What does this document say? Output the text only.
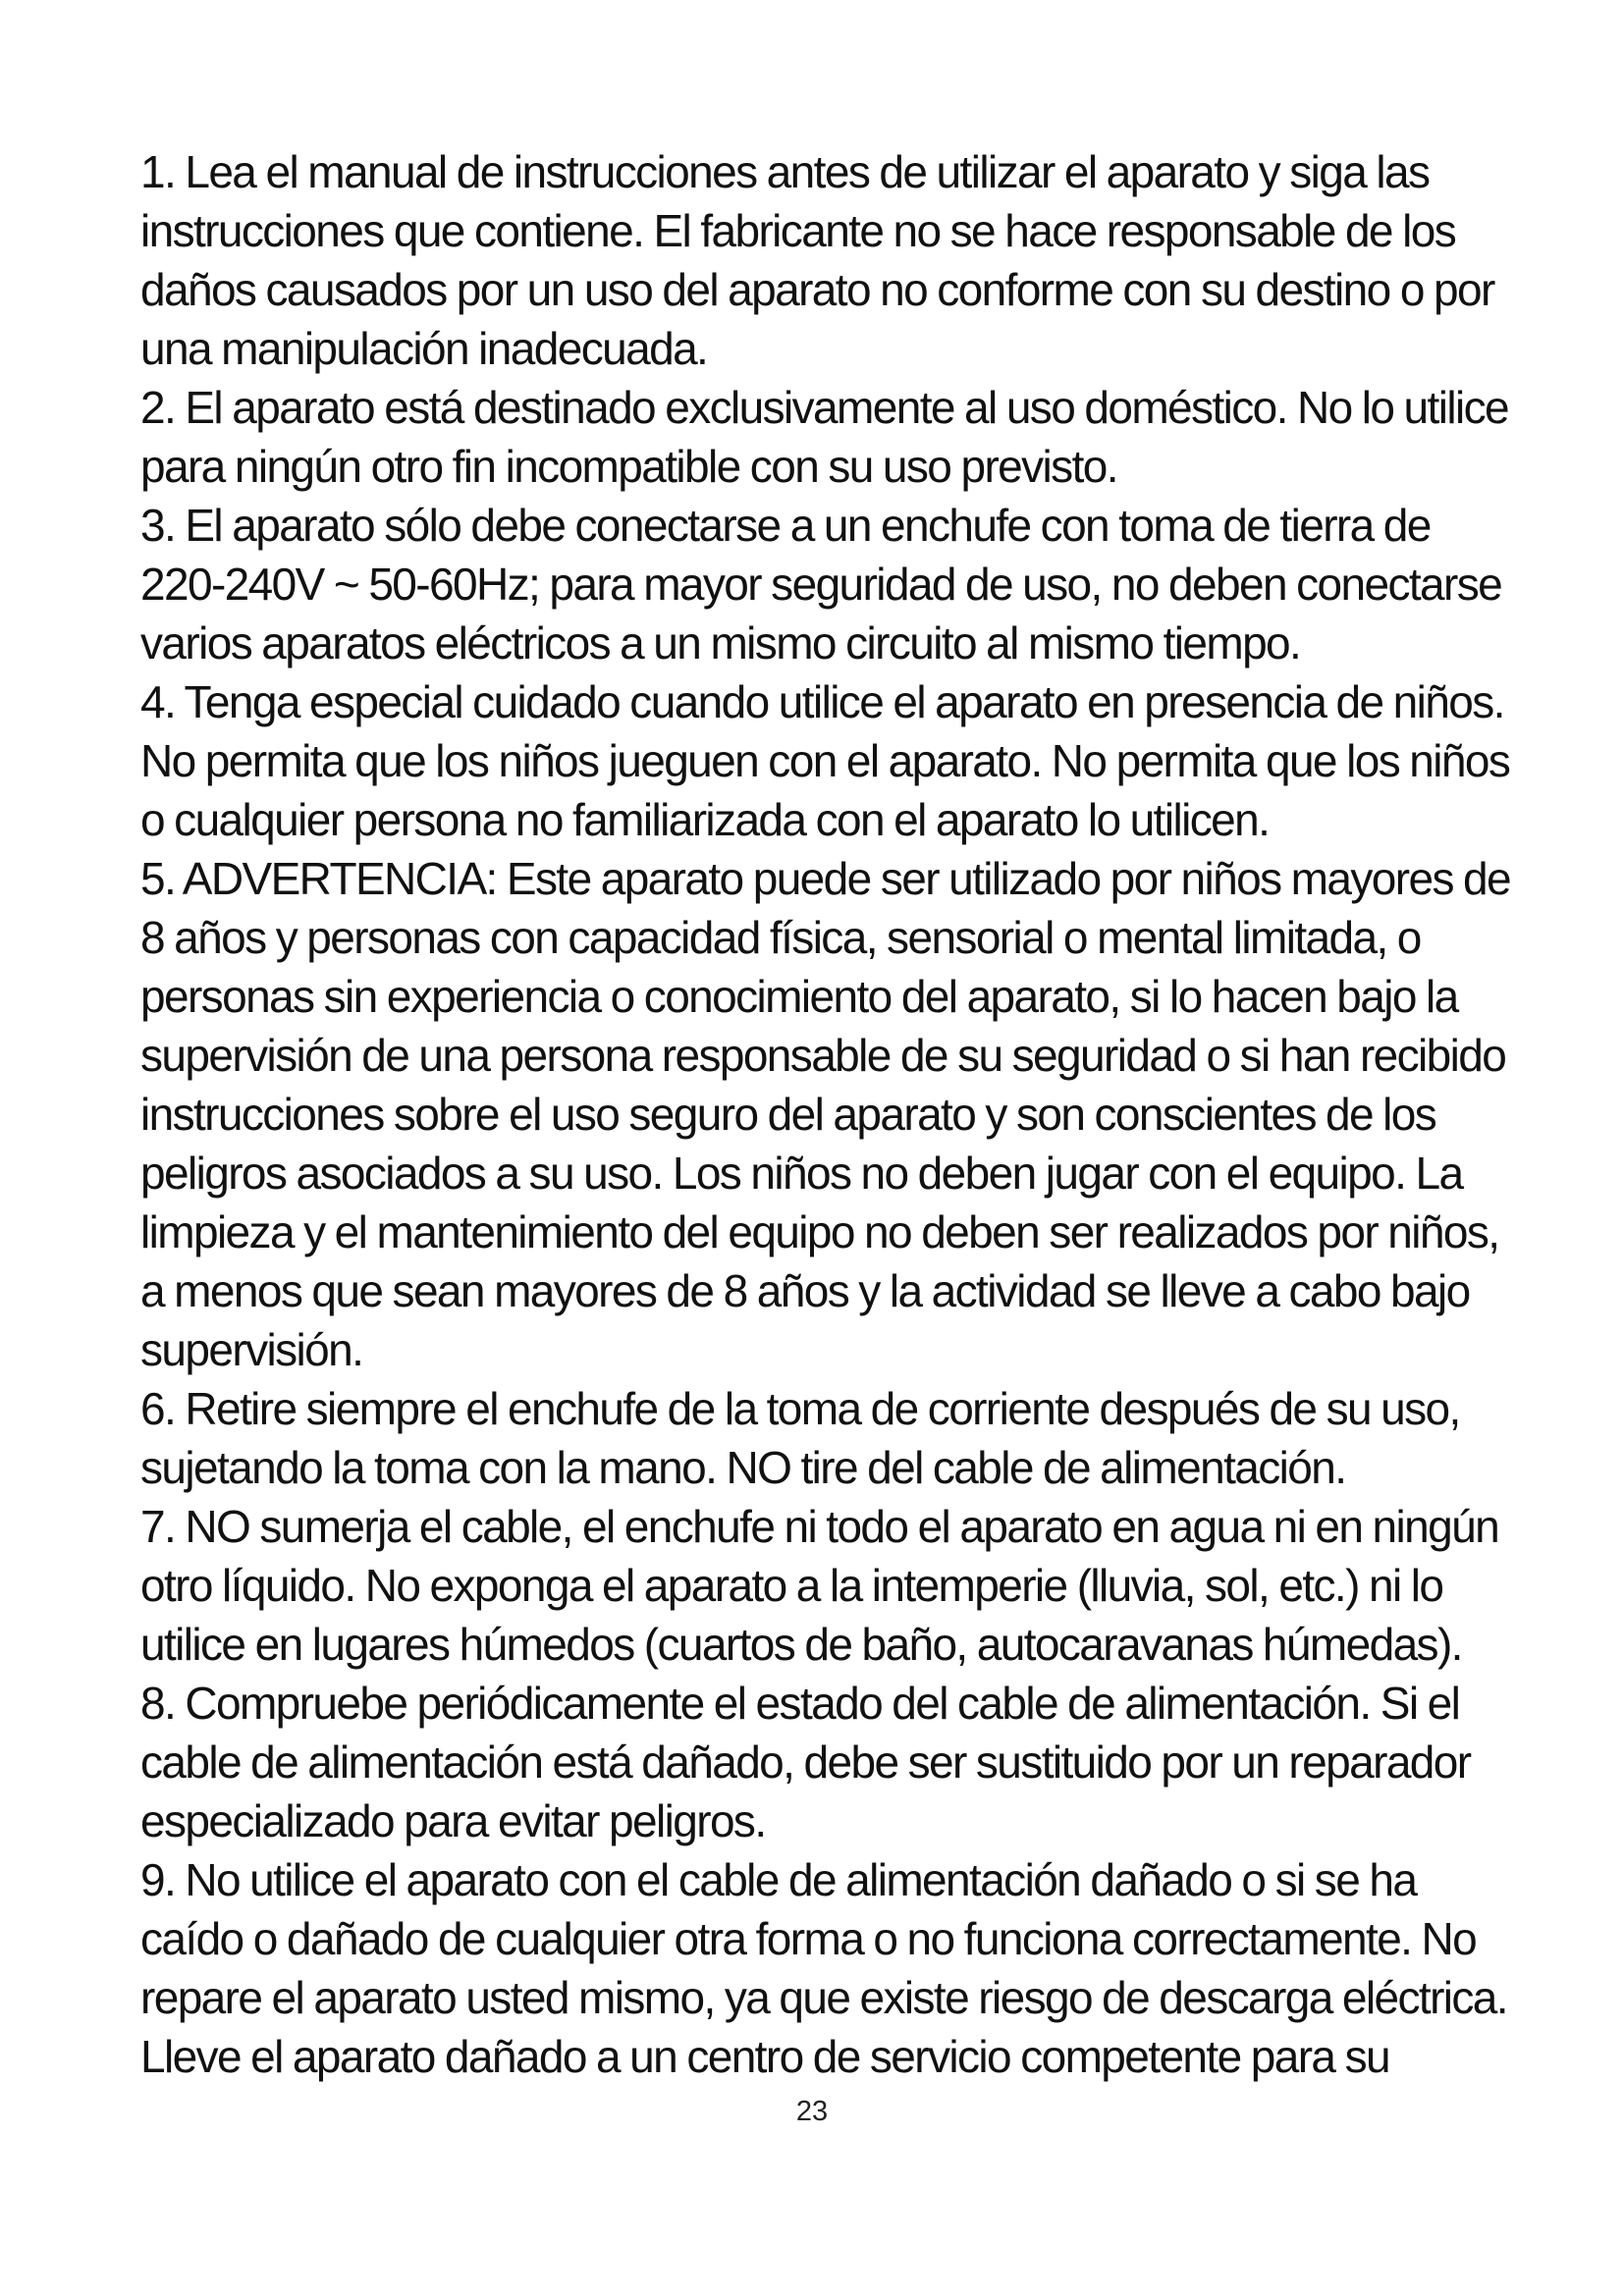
1. Lea el manual de instrucciones antes de utilizar el aparato y siga las
instrucciones que contiene. El fabricante no se hace responsable de los
daños causados por un uso del aparato no conforme con su destino o por
una manipulación inadecuada.
2. El aparato está destinado exclusivamente al uso doméstico. No lo utilice
para ningún otro fin incompatible con su uso previsto.
3. El aparato sólo debe conectarse a un enchufe con toma de tierra de
220-240V ~ 50-60Hz; para mayor seguridad de uso, no deben conectarse
varios aparatos eléctricos a un mismo circuito al mismo tiempo.
4. Tenga especial cuidado cuando utilice el aparato en presencia de niños.
No permita que los niños jueguen con el aparato. No permita que los niños
o cualquier persona no familiarizada con el aparato lo utilicen.
5. ADVERTENCIA: Este aparato puede ser utilizado por niños mayores de
8 años y personas con capacidad física, sensorial o mental limitada, o
personas sin experiencia o conocimiento del aparato, si lo hacen bajo la
supervisión de una persona responsable de su seguridad o si han recibido
instrucciones sobre el uso seguro del aparato y son conscientes de los
peligros asociados a su uso. Los niños no deben jugar con el equipo. La
limpieza y el mantenimiento del equipo no deben ser realizados por niños,
a menos que sean mayores de 8 años y la actividad se lleve a cabo bajo
supervisión.
6. Retire siempre el enchufe de la toma de corriente después de su uso,
sujetando la toma con la mano. NO tire del cable de alimentación.
7. NO sumerja el cable, el enchufe ni todo el aparato en agua ni en ningún
otro líquido. No exponga el aparato a la intemperie (lluvia, sol, etc.) ni lo
utilice en lugares húmedos (cuartos de baño, autocaravanas húmedas).
8. Compruebe periódicamente el estado del cable de alimentación. Si el
cable de alimentación está dañado, debe ser sustituido por un reparador
especializado para evitar peligros.
9. No utilice el aparato con el cable de alimentación dañado o si se ha
caído o dañado de cualquier otra forma o no funciona correctamente. No
repare el aparato usted mismo, ya que existe riesgo de descarga eléctrica.
Lleve el aparato dañado a un centro de servicio competente para su
23
